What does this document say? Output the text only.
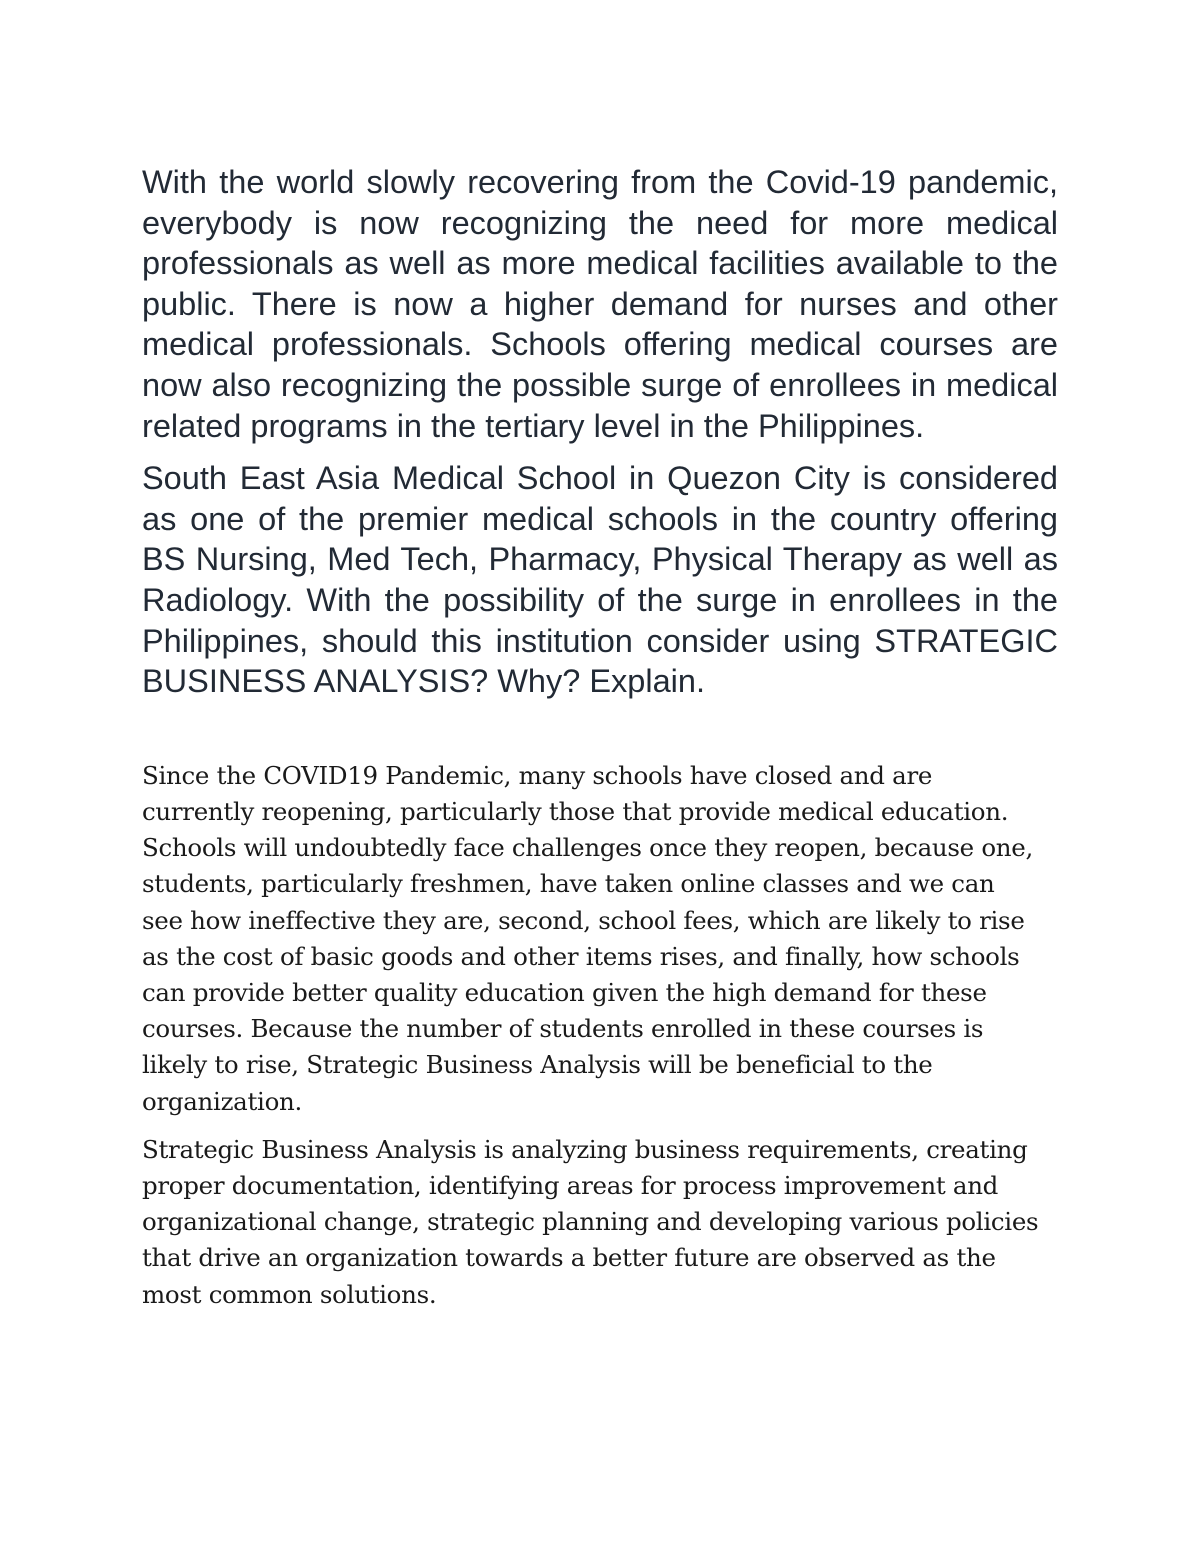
With the world slowly recovering from the Covid-19 pandemic, everybody is now recognizing the need for more medical professionals as well as more medical facilities available to the public. There is now a higher demand for nurses and other medical professionals. Schools offering medical courses are now also recognizing the possible surge of enrollees in medical related programs in the tertiary level in the Philippines.

South East Asia Medical School in Quezon City is considered as one of the premier medical schools in the country offering BS Nursing, Med Tech, Pharmacy, Physical Therapy as well as Radiology. With the possibility of the surge in enrollees in the Philippines, should this institution consider using STRATEGIC BUSINESS ANALYSIS? Why? Explain.

Since the COVID19 Pandemic, many schools have closed and are currently reopening, particularly those that provide medical education. Schools will undoubtedly face challenges once they reopen, because one, students, particularly freshmen, have taken online classes and we can see how ineffective they are, second, school fees, which are likely to rise as the cost of basic goods and other items rises, and finally, how schools can provide better quality education given the high demand for these courses. Because the number of students enrolled in these courses is likely to rise, Strategic Business Analysis will be beneficial to the organization.

Strategic Business Analysis is analyzing business requirements, creating proper documentation, identifying areas for process improvement and organizational change, strategic planning and developing various policies that drive an organization towards a better future are observed as the most common solutions.
